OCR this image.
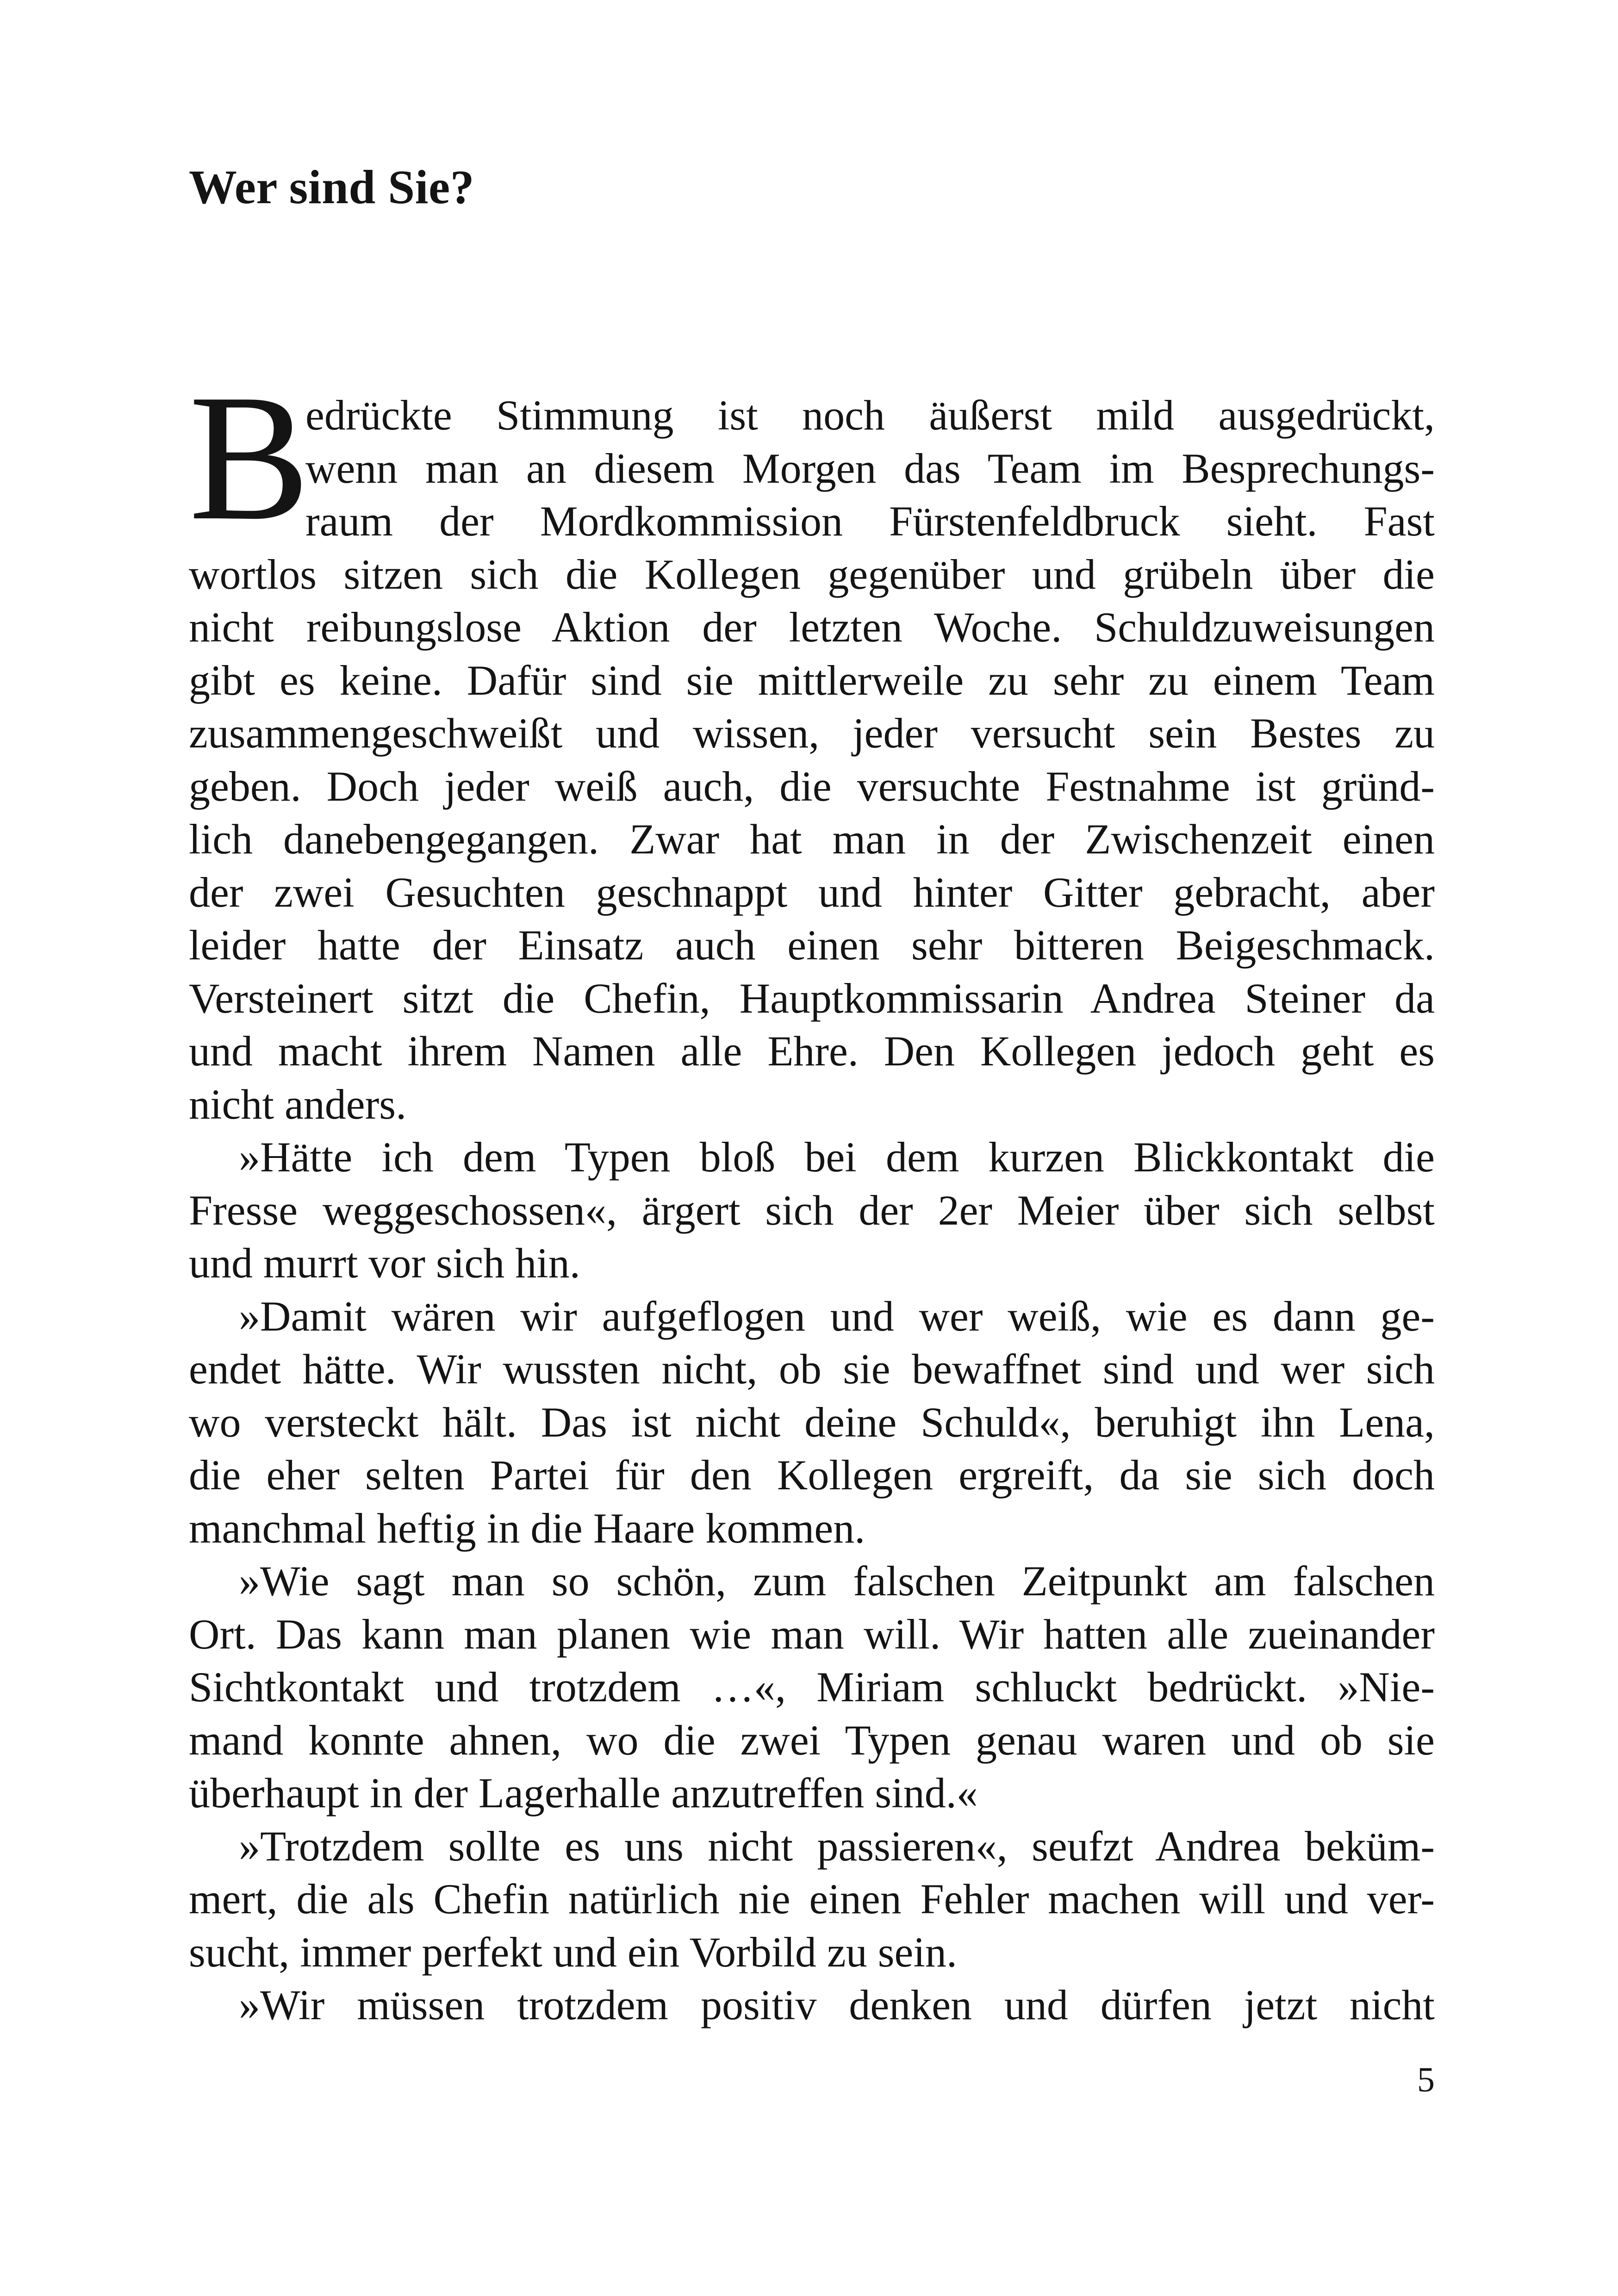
Wer sind Sie?
B
edrückte Stimmung ist noch äußerst mild ausgedrückt,
wenn man an diesem Morgen das Team im Besprechungs-
raum der Mordkommission Fürstenfeldbruck sieht. Fast
wortlos sitzen sich die Kollegen gegenüber und grübeln über die
nicht reibungslose Aktion der letzten Woche. Schuldzuweisungen
gibt es keine. Dafür sind sie mittlerweile zu sehr zu einem Team
zusammengeschweißt und wissen, jeder versucht sein Bestes zu
geben. Doch jeder weiß auch, die versuchte Festnahme ist gründ-
lich danebengegangen. Zwar hat man in der Zwischenzeit einen
der zwei Gesuchten geschnappt und hinter Gitter gebracht, aber
leider hatte der Einsatz auch einen sehr bitteren Beigeschmack.
Versteinert sitzt die Chefin, Hauptkommissarin Andrea Steiner da
und macht ihrem Namen alle Ehre. Den Kollegen jedoch geht es
nicht anders.
»Hätte ich dem Typen bloß bei dem kurzen Blickkontakt die
Fresse weggeschossen«, ärgert sich der 2er Meier über sich selbst
und murrt vor sich hin.
»Damit wären wir aufgeflogen und wer weiß, wie es dann ge-
endet hätte. Wir wussten nicht, ob sie bewaffnet sind und wer sich
wo versteckt hält. Das ist nicht deine Schuld«, beruhigt ihn Lena,
die eher selten Partei für den Kollegen ergreift, da sie sich doch
manchmal heftig in die Haare kommen.
»Wie sagt man so schön, zum falschen Zeitpunkt am falschen
Ort. Das kann man planen wie man will. Wir hatten alle zueinander
Sichtkontakt und trotzdem …«, Miriam schluckt bedrückt. »Nie-
mand konnte ahnen, wo die zwei Typen genau waren und ob sie
überhaupt in der Lagerhalle anzutreffen sind.«
»Trotzdem sollte es uns nicht passieren«, seufzt Andrea beküm-
mert, die als Chefin natürlich nie einen Fehler machen will und ver-
sucht, immer perfekt und ein Vorbild zu sein.
»Wir müssen trotzdem positiv denken und dürfen jetzt nicht
5
